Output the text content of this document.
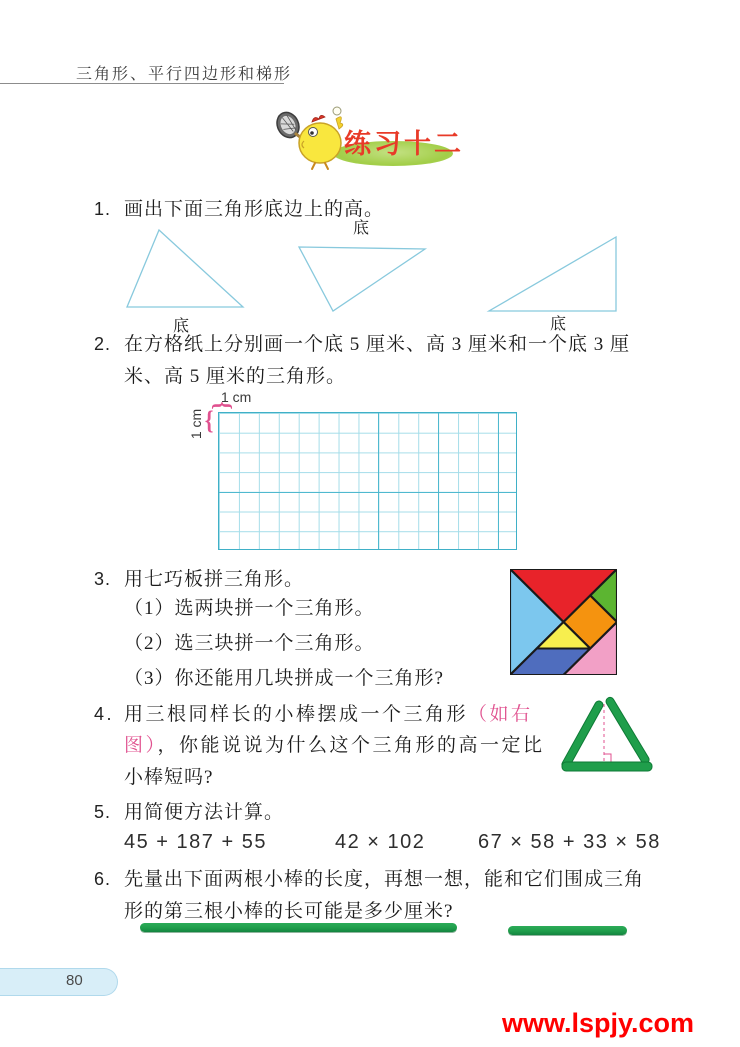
三角形、平行四边形和梯形
练习十二
1. 画出下面三角形底边上的高。
底
底
底
2. 在方格纸上分别画一个底 5 厘米、高 3 厘米和一个底 3 厘
米、高 5 厘米的三角形。
1 cm
1 cm
{
{
3. 用七巧板拼三角形。
（1）选两块拼一个三角形。
（2）选三块拼一个三角形。
（3）你还能用几块拼成一个三角形?
4. 用三根同样长的小棒摆成一个三角形（如右
图），你能说说为什么这个三角形的高一定比
小棒短吗?
5. 用简便方法计算。
45 + 187 + 55	42 × 102	67 × 58 + 33 × 58
6. 先量出下面两根小棒的长度，再想一想，能和它们围成三角
形的第三根小棒的长可能是多少厘米?
80
www.lspjy.com
